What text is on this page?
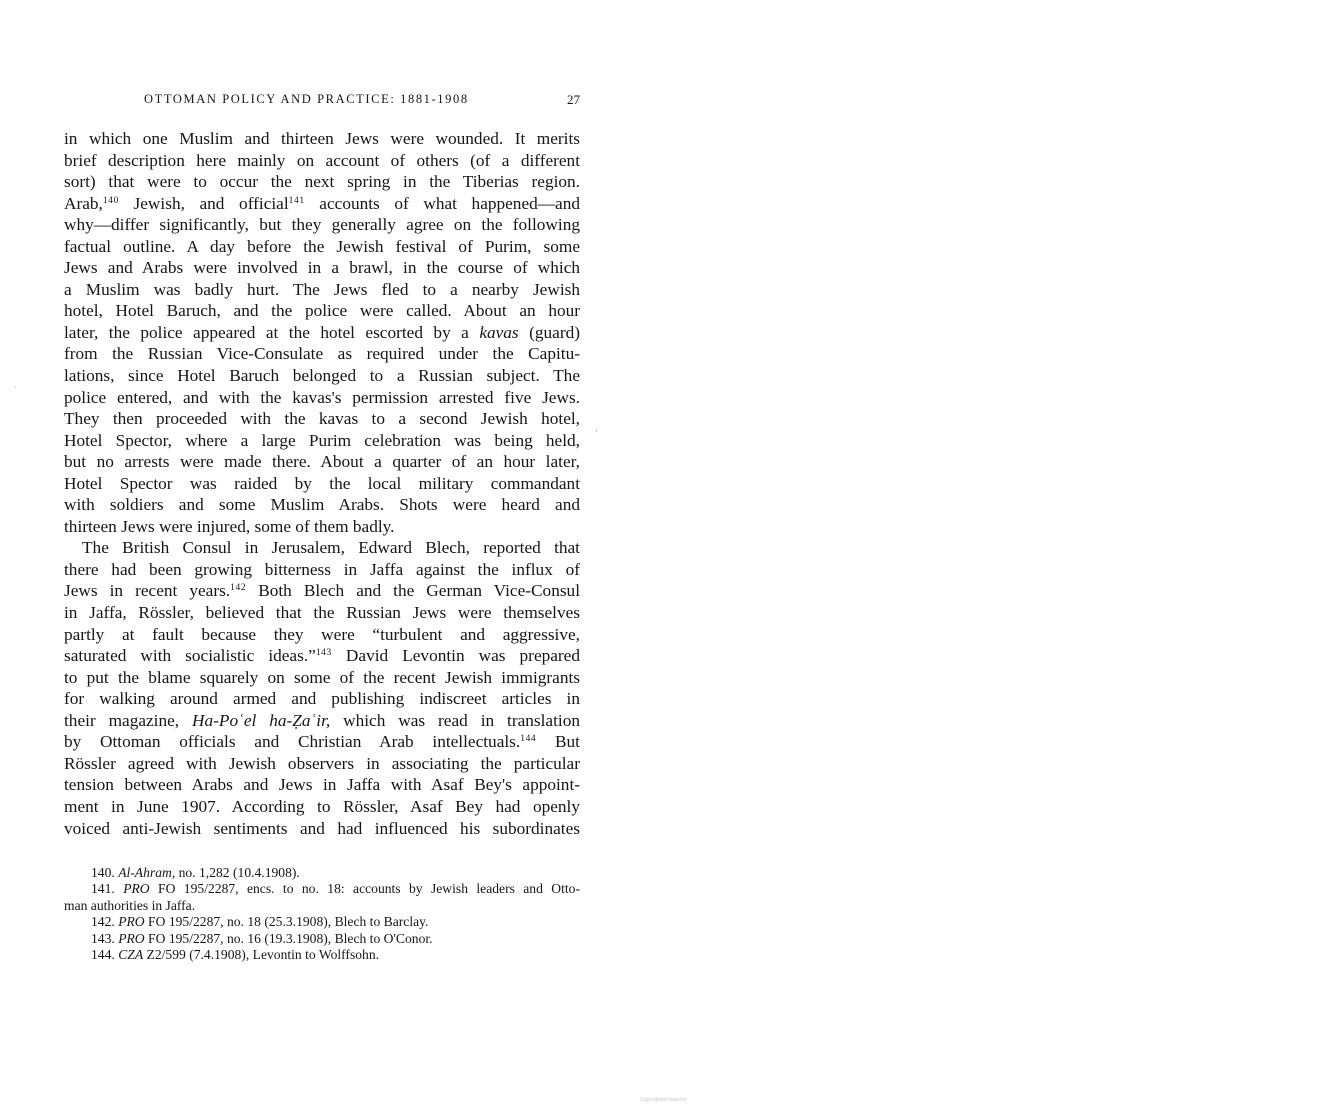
OTTOMAN POLICY AND PRACTICE: 1881-1908	27
in which one Muslim and thirteen Jews were wounded. It merits
brief description here mainly on account of others (of a different
sort) that were to occur the next spring in the Tiberias region.
Arab,$^{140}$ Jewish, and official$^{141}$ accounts of what happened—and
why—differ significantly, but they generally agree on the following
factual outline. A day before the Jewish festival of Purim, some
Jews and Arabs were involved in a brawl, in the course of which
a Muslim was badly hurt. The Jews fled to a nearby Jewish
hotel, Hotel Baruch, and the police were called. About an hour
later, the police appeared at the hotel escorted by a kavas (guard)
from the Russian Vice-Consulate as required under the Capitu-
lations, since Hotel Baruch belonged to a Russian subject. The
police entered, and with the kavas's permission arrested five Jews.
They then proceeded with the kavas to a second Jewish hotel,
Hotel Spector, where a large Purim celebration was being held,
but no arrests were made there. About a quarter of an hour later,
Hotel Spector was raided by the local military commandant
with soldiers and some Muslim Arabs. Shots were heard and
thirteen Jews were injured, some of them badly.
The British Consul in Jerusalem, Edward Blech, reported that
there had been growing bitterness in Jaffa against the influx of
Jews in recent years.$^{142}$ Both Blech and the German Vice-Consul
in Jaffa, Rössler, believed that the Russian Jews were themselves
partly at fault because they were “turbulent and aggressive,
saturated with socialistic ideas.”$^{143}$ David Levontin was prepared
to put the blame squarely on some of the recent Jewish immigrants
for walking around armed and publishing indiscreet articles in
their magazine, Ha-Poʿel ha-Ẓaʿir, which was read in translation
by Ottoman officials and Christian Arab intellectuals.$^{144}$ But
Rössler agreed with Jewish observers in associating the particular
tension between Arabs and Jews in Jaffa with Asaf Bey's appoint-
ment in June 1907. According to Rössler, Asaf Bey had openly
voiced anti-Jewish sentiments and had influenced his subordinates
140. Al-Ahram, no. 1,282 (10.4.1908).
141. PRO FO 195/2287, encs. to no. 18: accounts by Jewish leaders and Otto-
man authorities in Jaffa.
142. PRO FO 195/2287, no. 18 (25.3.1908), Blech to Barclay.
143. PRO FO 195/2287, no. 16 (19.3.1908), Blech to O'Conor.
144. CZA Z2/599 (7.4.1908), Levontin to Wolffsohn.
·
ʼ
Copyrighted material
